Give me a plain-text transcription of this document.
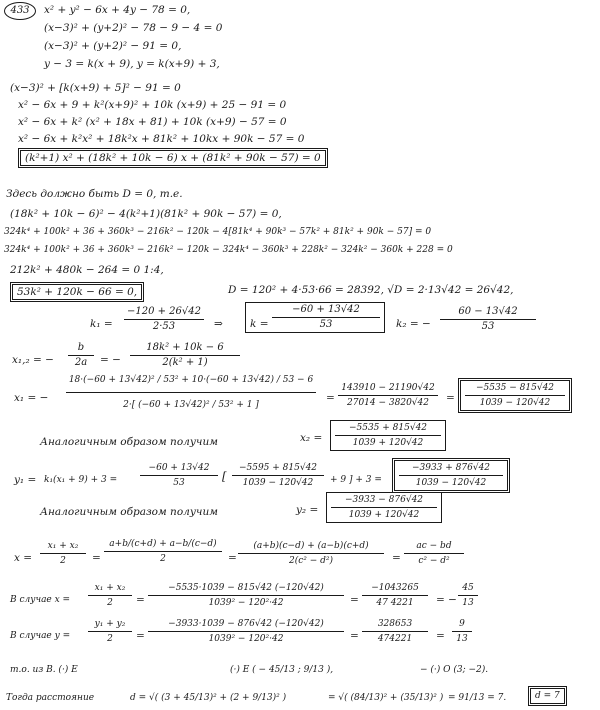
433	x² + y² − 6x + 4y − 78 = 0,
(x−3)² + (y+2)² − 78 − 9 − 4 = 0
(x−3)² + (y+2)² − 91 = 0,
y − 3 = k(x + 9), y = k(x+9) + 3,
(x−3)² + [k(x+9) + 5]² − 91 = 0
x² − 6x + 9 + k²(x+9)² + 10k (x+9) + 25 − 91 = 0
x² − 6x + k² (x² + 18x + 81) + 10k (x+9) − 57 = 0
x² − 6x + k²x² + 18k²x + 81k² + 10kx + 90k − 57 = 0
(k²+1) x² + (18k² + 10k − 6) x + (81k² + 90k − 57) = 0
Здесь должно быть D = 0, т.е.
(18k² + 10k − 6)² − 4(k²+1)(81k² + 90k − 57) = 0,
324k⁴ + 100k² + 36 + 360k³ − 216k² − 120k − 4[81k⁴ + 90k³ − 57k² + 81k² + 90k − 57] = 0
324k⁴ + 100k² + 36 + 360k³ − 216k² − 120k − 324k⁴ − 360k³ + 228k² − 324k² − 360k + 228 = 0
212k² + 480k − 264 = 0 1:4,
53k² + 120k − 66 = 0,	D = 120² + 4·53·66 = 28392, √D = 2·13√42 = 26√42,
k₁ =
−120 + 26√42
2·53	⇒	k =
−60 + 13√42
53	k₂ = −
60 − 13√42
53
x₁,₂ = −
b
2a	= −
18k² + 10k − 6
2(k² + 1)
x₁ = −
18·(−60 + 13√42)² / 53² + 10·(−60 + 13√42) / 53 − 6
2·[ (−60 + 13√42)² / 53² + 1 ]
=
143910 − 21190√42
27014 − 3820√42	=
−5535 − 815√42
1039 − 120√42
Аналогичным образом получим	x₂ =
−5535 + 815√42
1039 + 120√42
y₁ = k₁(x₁ + 9) + 3 =
−60 + 13√42
53	[
−5595 + 815√42
1039 − 120√42	+ 9 ] + 3 =
−3933 + 876√42
1039 − 120√42
Аналогичным образом получим	y₂ =
−3933 − 876√42
1039 + 120√42
x =
x₁ + x₂
2	=
a+b/(c+d) + a−b/(c−d)
2	=
(a+b)(c−d) + (a−b)(c+d)
2(c² − d²)	=
ac − bd
c² − d²
В случае x =
x₁ + x₂
2	=
−5535·1039 − 815√42 (−120√42)
1039² − 120²·42	=
−1043265
47 4221	= −
45
13
В случае y =
y₁ + y₂
2	=
−3933·1039 − 876√42 (−120√42)
1039² − 120²·42	=
328653
474221	=
9
13
т.о. из В. (·) E	(·) E ( − 45/13 ; 9/13 ),	− (·) O (3; −2).
Тогда расстояние	d = √( (3 + 45/13)² + (2 + 9/13)² )	= √( (84/13)² + (35/13)² ) = 91/13 = 7.	d = 7
